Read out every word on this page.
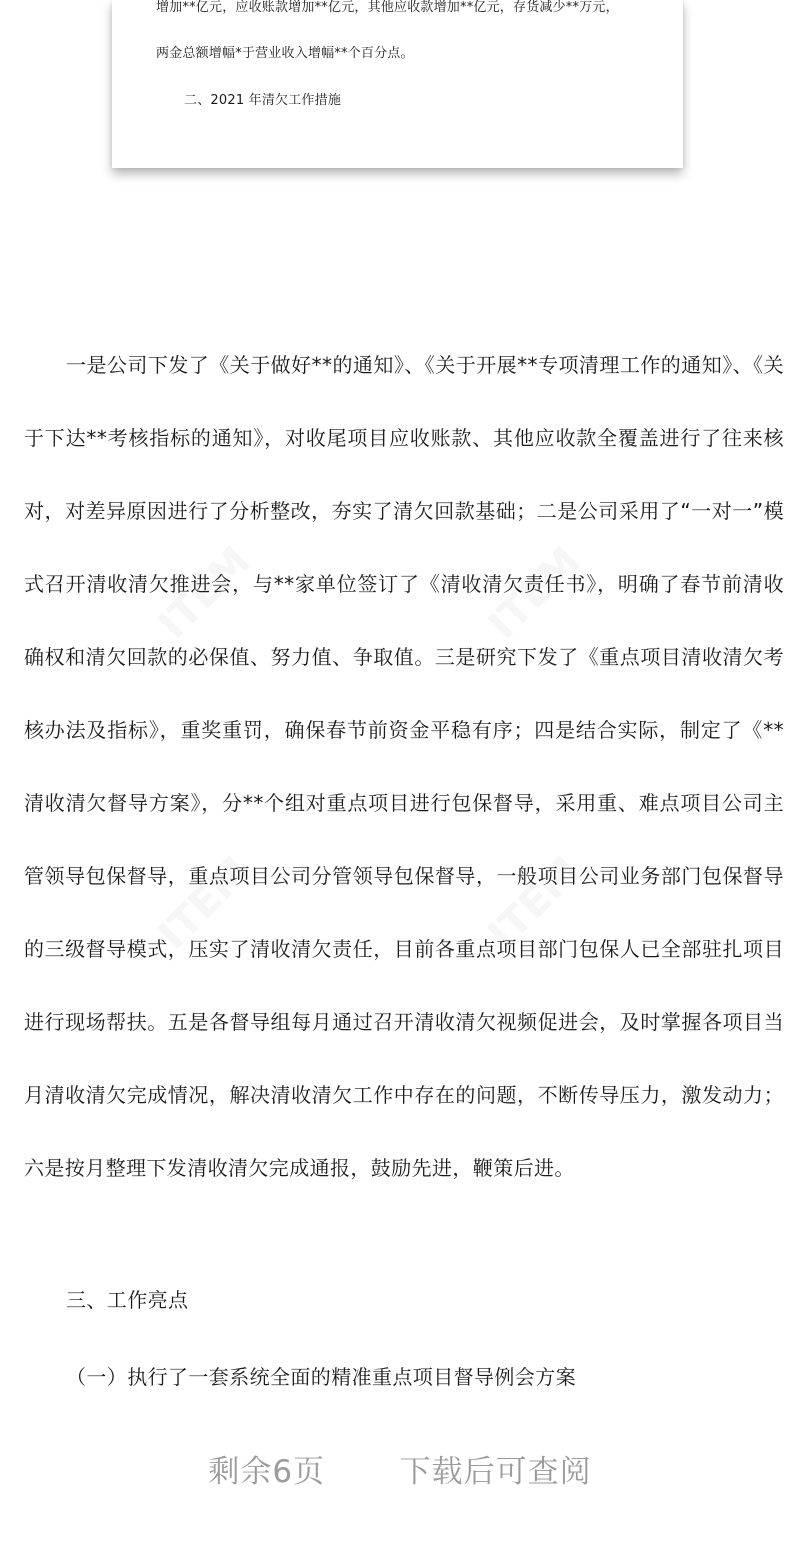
增加**亿元，应收账款增加**亿元，其他应收款增加**亿元，存货减少**万元，
两金总额增幅*于营业收入增幅**个百分点。
二、2021 年清欠工作措施
ITEM	ITEM
ITEM	ITEM

一是公司下发了《关于做好**的通知》、《关于开展**专项清理工作的通知》、《关于下达**考核指标的通知》，对收尾项目应收账款、其他应收款全覆盖进行了往来核对，对差异原因进行了分析整改，夯实了清欠回款基础；二是公司采用了“一对一”模式召开清收清欠推进会，与**家单位签订了《清收清欠责任书》，明确了春节前清收确权和清欠回款的必保值、努力值、争取值。三是研究下发了《重点项目清收清欠考核办法及指标》，重奖重罚，确保春节前资金平稳有序；四是结合实际，制定了《**清收清欠督导方案》，分**个组对重点项目进行包保督导，采用重、难点项目公司主管领导包保督导，重点项目公司分管领导包保督导，一般项目公司业务部门包保督导的三级督导模式，压实了清收清欠责任，目前各重点项目部门包保人已全部驻扎项目进行现场帮扶。五是各督导组每月通过召开清收清欠视频促进会，及时掌握各项目当月清收清欠完成情况，解决清收清欠工作中存在的问题，不断传导压力，激发动力；六是按月整理下发清收清欠完成通报，鼓励先进，鞭策后进。

三、工作亮点
（一）执行了一套系统全面的精准重点项目督导例会方案
剩余6页   下载后可查阅
